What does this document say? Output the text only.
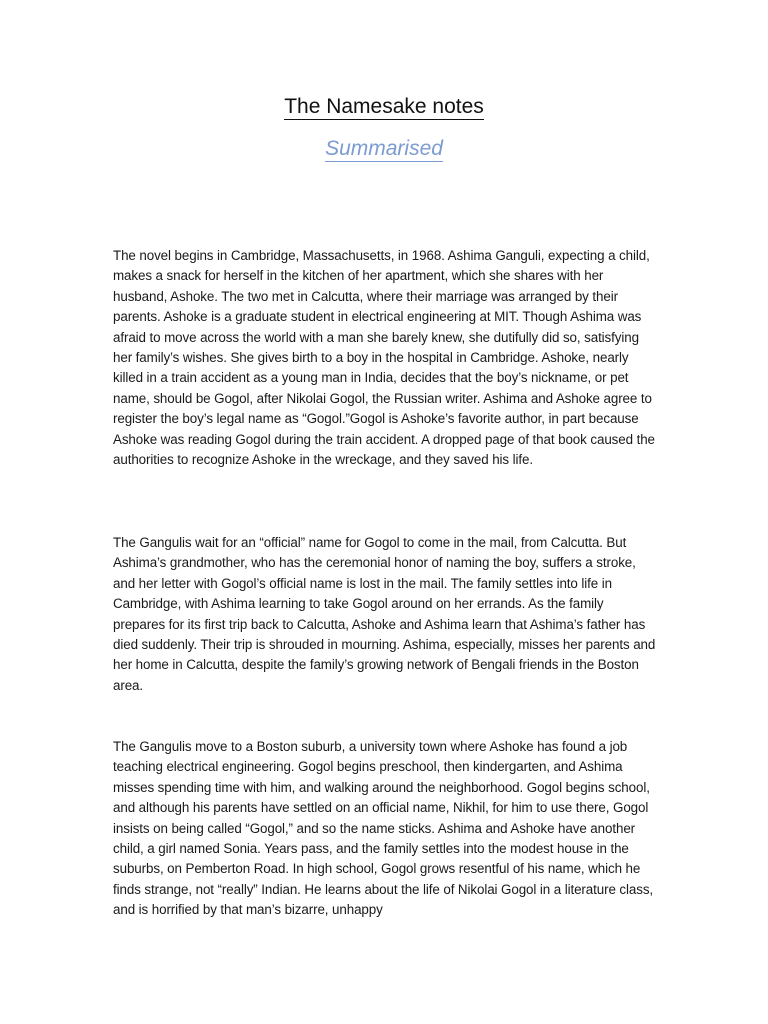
The Namesake notes
Summarised

The novel begins in Cambridge, Massachusetts, in 1968. Ashima Ganguli, expecting a child, makes a snack for herself in the kitchen of her apartment, which she shares with her husband, Ashoke. The two met in Calcutta, where their marriage was arranged by their parents. Ashoke is a graduate student in electrical engineering at MIT. Though Ashima was afraid to move across the world with a man she barely knew, she dutifully did so, satisfying her family’s wishes. She gives birth to a boy in the hospital in Cambridge. Ashoke, nearly killed in a train accident as a young man in India, decides that the boy’s nickname, or pet name, should be Gogol, after Nikolai Gogol, the Russian writer. Ashima and Ashoke agree to register the boy’s legal name as “Gogol.”Gogol is Ashoke’s favorite author, in part because Ashoke was reading Gogol during the train accident. A dropped page of that book caused the authorities to recognize Ashoke in the wreckage, and they saved his life.

The Gangulis wait for an “official” name for Gogol to come in the mail, from Calcutta. But Ashima’s grandmother, who has the ceremonial honor of naming the boy, suffers a stroke, and her letter with Gogol’s official name is lost in the mail. The family settles into life in Cambridge, with Ashima learning to take Gogol around on her errands. As the family prepares for its first trip back to Calcutta, Ashoke and Ashima learn that Ashima’s father has died suddenly. Their trip is shrouded in mourning. Ashima, especially, misses her parents and her home in Calcutta, despite the family’s growing network of Bengali friends in the Boston area.

The Gangulis move to a Boston suburb, a university town where Ashoke has found a job teaching electrical engineering. Gogol begins preschool, then kindergarten, and Ashima misses spending time with him, and walking around the neighborhood. Gogol begins school, and although his parents have settled on an official name, Nikhil, for him to use there, Gogol insists on being called “Gogol,” and so the name sticks. Ashima and Ashoke have another child, a girl named Sonia. Years pass, and the family settles into the modest house in the suburbs, on Pemberton Road. In high school, Gogol grows resentful of his name, which he finds strange, not “really” Indian. He learns about the life of Nikolai Gogol in a literature class, and is horrified by that man’s bizarre, unhappy
